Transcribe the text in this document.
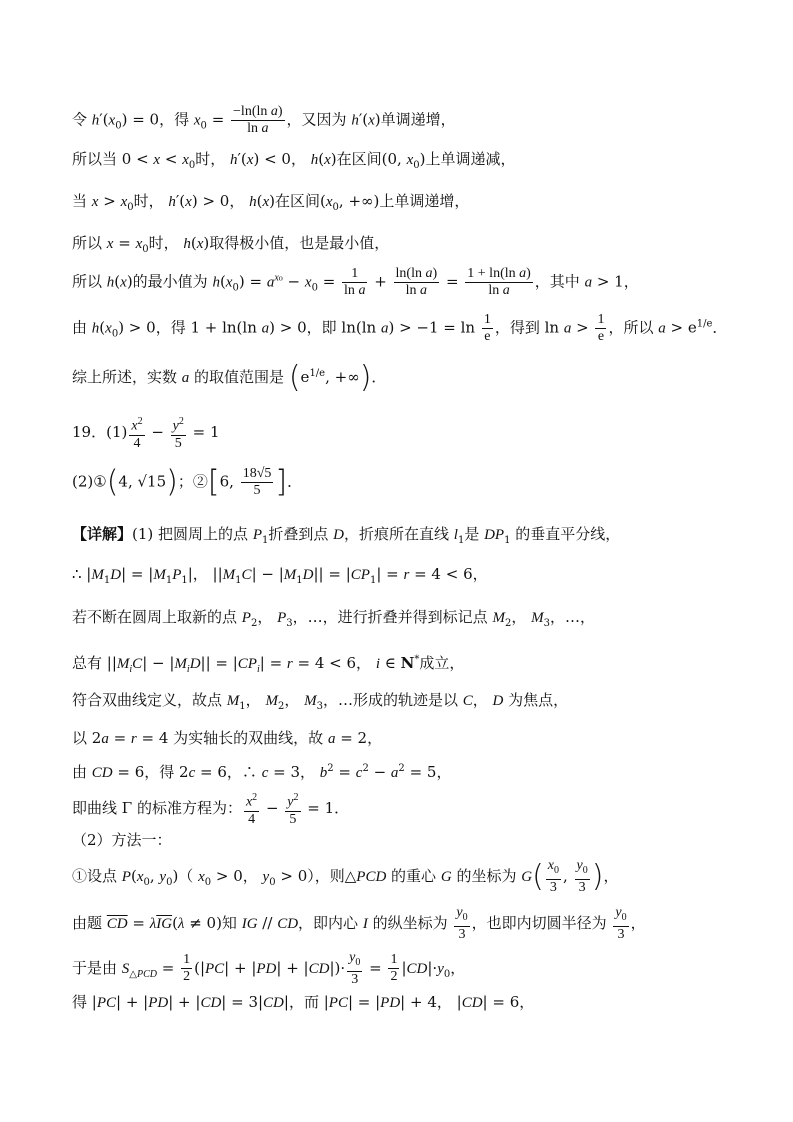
令 $h'(x_0) = 0$，得 $x_0 = \frac{\text{−ln(ln a)}}{\text{ln a}}$ ，又因为 h′(x)单调递增，
所以当 $0 < x < x_0$时， h′(x) < 0， h(x)在区间(0, $x_0$)上单调递减，
当 $x > x_0$时， h′(x) > 0， h(x)在区间($x_0$, +∞)上单调递增，
所以 $x = x_0$时， h(x)取得极小值，也是最小值，
所以 h(x)的最小值为 $h(x_0) = a^{x_0} - x_0 = \frac{1}{\text{ln a}} + \frac{\text{ln(ln a)}}{\text{ln a}} = \frac{\text{1 + ln(ln a)}}{\text{ln a}}$ ，其中 a > 1，
由 $h(x_0) > 0$，得 1 + ln(ln a) > 0，即 ln(ln $a) > -1 = \ln \frac{1}{e}$ ，得到 $\ln a > \frac{1}{e}$ ，所以 $a > e^{1/e}$．
综上所述，实数 a 的取值范围是 ($e^{1/e}$, +∞)．
19．$(1) \frac{x^2}{4} - \frac{y^2}{5} = 1$
(2)①(4, √15)；②[6, $\frac{18√5}{5}$ ]．
【详解】(1) 把圆周上的点 $P_1$折叠到点 D，折痕所在直线 $l_1$是 $DP_1$ 的垂直平分线，
∴ $|M_1D| = |M_1P_1|$， $||M_1C| - |M_1D|| = |CP_1| = r = 4 < 6$，
若不断在圆周上取新的点 $P_2$， $P_3$，…，进行折叠并得到标记点 $M_2$， $M_3$，…，
总有 $||M_iC| - |M_iD|| = |CP_i| = r = 4 < 6$， i ∈ N*成立，
符合双曲线定义，故点 $M_1$， $M_2$， $M_3$，…形成的轨迹是以 C， D 为焦点，
以 2a = r = 4 为实轴长的双曲线，故 a = 2，
由 CD = 6，得 2c = 6，∴ c = 3， $b^2 = c^2 - a^2 = 5$，
即曲线 Γ 的标准方程为： $\frac{x^2}{4} - \frac{y^2}{5} = 1$．
（2）方法一：
①设点 $P(x_0$, $y_0$)（ $x_0 > 0$， $y_0 > 0$），则△PCD 的重心 G 的坐标为 $G( \frac{x_0}{3}$ , $\frac{y_0}{3}$ )，
由题 $\overline{CD} = \lambda\overline{IG}(\lambda \ne 0)$知 IG // CD，即内心 I 的纵坐标为 $\frac{y_0}{3}$ ，也即内切圆半径为 $\frac{y_0}{3}$ ，
于是由 $S_{\triangle PCD} = \frac{1}{2} (|PC| + |PD| + |CD|)\cdot \frac{y_0}{3} = \frac{1}{2} |CD|\cdot y_0$，
得 |PC| + |PD| + |CD| = 3|CD|，而 |PC| = |PD| + 4， |CD| = 6，
